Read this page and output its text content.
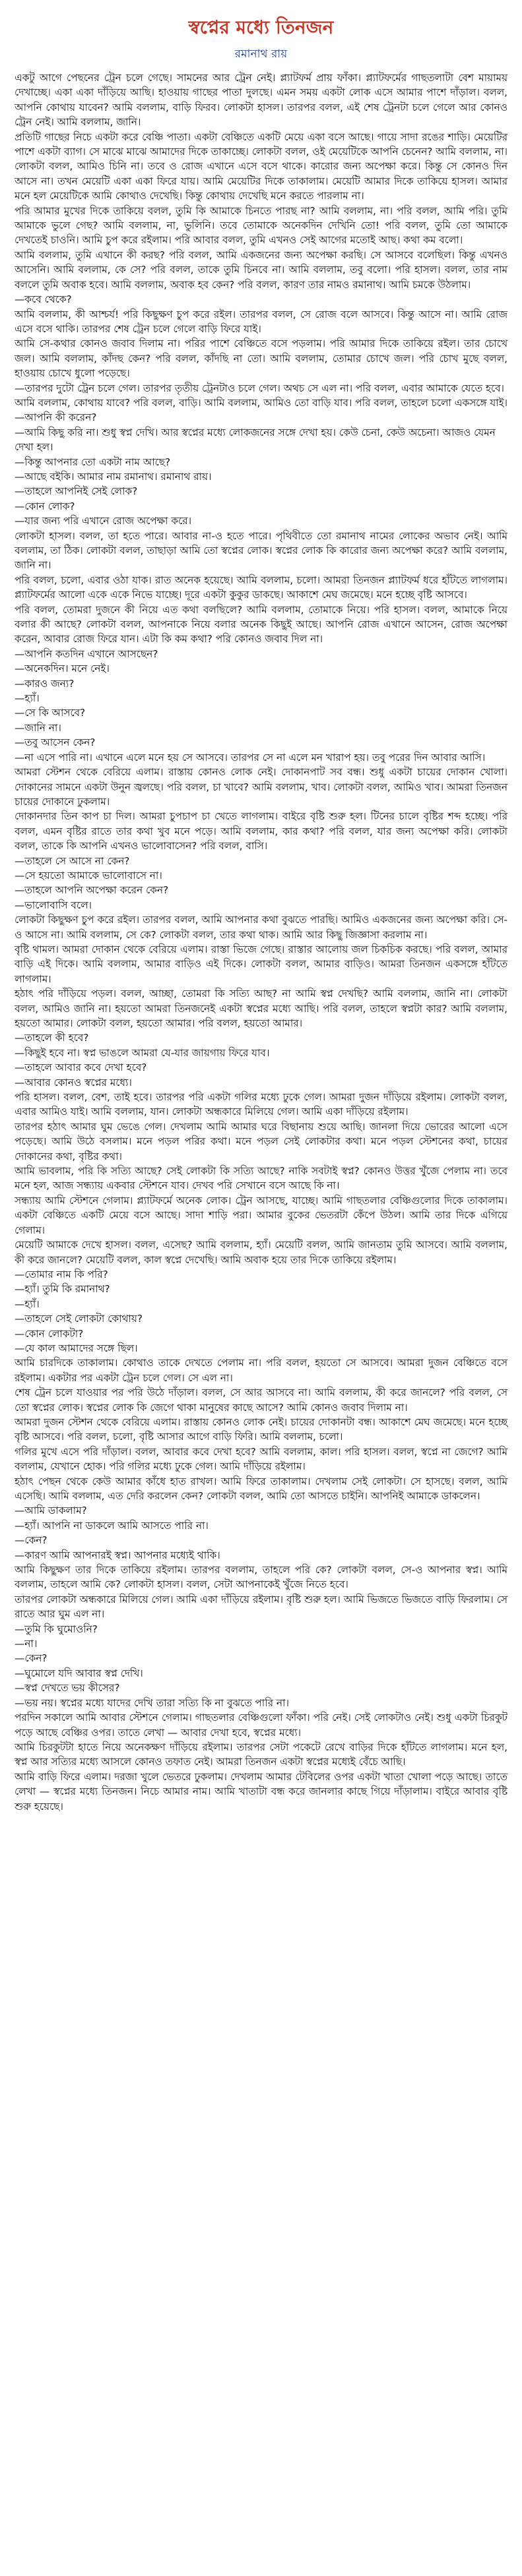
স্বপ্নের মধ্যে তিনজন
রমানাথ রায়

একটু আগে পেছনের ট্রেন চলে গেছে। সামনের আর ট্রেন নেই। প্ল্যাটফর্ম প্রায় ফাঁকা। প্ল্যাটফর্মের গাছতলাটা বেশ মায়াময় দেখাচ্ছে। একা একা দাঁড়িয়ে আছি। হাওয়ায় গাছের পাতা দুলছে। এমন সময় একটা লোক এসে আমার পাশে দাঁড়াল। বলল, আপনি কোথায় যাবেন? আমি বললাম, বাড়ি ফিরব। লোকটা হাসল। তারপর বলল, এই শেষ ট্রেনটা চলে গেলে আর কোনও ট্রেন নেই। আমি বললাম, জানি।

প্রতিটি গাছের নিচে একটা করে বেঞ্চি পাতা। একটা বেঞ্চিতে একটি মেয়ে একা বসে আছে। গায়ে সাদা রঙের শাড়ি। মেয়েটির পাশে একটা ব্যাগ। সে মাঝে মাঝে আমাদের দিকে তাকাচ্ছে। লোকটা বলল, ওই মেয়েটিকে আপনি চেনেন? আমি বললাম, না। লোকটা বলল, আমিও চিনি না। তবে ও রোজ এখানে এসে বসে থাকে। কারোর জন্য অপেক্ষা করে। কিন্তু সে কোনও দিন আসে না। তখন মেয়েটি একা একা ফিরে যায়। আমি মেয়েটির দিকে তাকালাম। মেয়েটি আমার দিকে তাকিয়ে হাসল। আমার মনে হল মেয়েটিকে আমি কোথাও দেখেছি। কিন্তু কোথায় দেখেছি মনে করতে পারলাম না।

পরি আমার মুখের দিকে তাকিয়ে বলল, তুমি কি আমাকে চিনতে পারছ না? আমি বললাম, না। পরি বলল, আমি পরি। তুমি আমাকে ভুলে গেছ? আমি বললাম, না, ভুলিনি। তবে তোমাকে অনেকদিন দেখিনি তো! পরি বলল, তুমি তো আমাকে দেখতেই চাওনি। আমি চুপ করে রইলাম। পরি আবার বলল, তুমি এখনও সেই আগের মতোই আছ। কথা কম বলো।

আমি বললাম, তুমি এখানে কী করছ? পরি বলল, আমি একজনের জন্য অপেক্ষা করছি। সে আসবে বলেছিল। কিন্তু এখনও আসেনি। আমি বললাম, কে সে? পরি বলল, তাকে তুমি চিনবে না। আমি বললাম, তবু বলো। পরি হাসল। বলল, তার নাম বললে তুমি অবাক হবে। আমি বললাম, অবাক হব কেন? পরি বলল, কারণ তার নামও রমানাথ। আমি চমকে উঠলাম।

—কবে থেকে?

আমি বললাম, কী আশ্চর্য! পরি কিছুক্ষণ চুপ করে রইল। তারপর বলল, সে রোজ বলে আসবে। কিন্তু আসে না। আমি রোজ এসে বসে থাকি। তারপর শেষ ট্রেন চলে গেলে বাড়ি ফিরে যাই।

আমি সে-কথার কোনও জবাব দিলাম না। পরির পাশে বেঞ্চিতে বসে পড়লাম। পরি আমার দিকে তাকিয়ে রইল। তার চোখে জল। আমি বললাম, কাঁদছ কেন? পরি বলল, কাঁদছি না তো। আমি বললাম, তোমার চোখে জল। পরি চোখ মুছে বলল, হাওয়ায় চোখে ধুলো পড়েছে।

—তারপর দুটো ট্রেন চলে গেল। তারপর তৃতীয় ট্রেনটাও চলে গেল। অথচ সে এল না। পরি বলল, এবার আমাকে যেতে হবে। আমি বললাম, কোথায় যাবে? পরি বলল, বাড়ি। আমি বললাম, আমিও তো বাড়ি যাব। পরি বলল, তাহলে চলো একসঙ্গে যাই।

—আপনি কী করেন?

—আমি কিছু করি না। শুধু স্বপ্ন দেখি। আর স্বপ্নের মধ্যে লোকজনের সঙ্গে দেখা হয়। কেউ চেনা, কেউ অচেনা। আজও যেমন দেখা হল।

—কিন্তু আপনার তো একটা নাম আছে?

—আছে বইকি। আমার নাম রমানাথ। রমানাথ রায়।

—তাহলে আপনিই সেই লোক?

—কোন লোক?

—যার জন্য পরি এখানে রোজ অপেক্ষা করে।

লোকটা হাসল। বলল, তা হতে পারে। আবার না-ও হতে পারে। পৃথিবীতে তো রমানাথ নামের লোকের অভাব নেই। আমি বললাম, তা ঠিক। লোকটা বলল, তাছাড়া আমি তো স্বপ্নের লোক। স্বপ্নের লোক কি কারোর জন্য অপেক্ষা করে? আমি বললাম, জানি না।

পরি বলল, চলো, এবার ওঠা যাক। রাত অনেক হয়েছে। আমি বললাম, চলো। আমরা তিনজন প্ল্যাটফর্ম ধরে হাঁটতে লাগলাম। প্ল্যাটফর্মের আলো একে একে নিভে যাচ্ছে। দূরে একটা কুকুর ডাকছে। আকাশে মেঘ জমেছে। মনে হচ্ছে বৃষ্টি আসবে।

পরি বলল, তোমরা দুজনে কী নিয়ে এত কথা বলছিলে? আমি বললাম, তোমাকে নিয়ে। পরি হাসল। বলল, আমাকে নিয়ে বলার কী আছে? লোকটা বলল, আপনাকে নিয়ে বলার অনেক কিছুই আছে। আপনি রোজ এখানে আসেন, রোজ অপেক্ষা করেন, আবার রোজ ফিরে যান। এটা কি কম কথা? পরি কোনও জবাব দিল না।

—আপনি কতদিন এখানে আসছেন?

—অনেকদিন। মনে নেই।

—কারও জন্য?

—হ্যাঁ।

—সে কি আসবে?

—জানি না।

—তবু আসেন কেন?

—না এসে পারি না। এখানে এলে মনে হয় সে আসবে। তারপর সে না এলে মন খারাপ হয়। তবু পরের দিন আবার আসি।

আমরা স্টেশন থেকে বেরিয়ে এলাম। রাস্তায় কোনও লোক নেই। দোকানপাট সব বন্ধ। শুধু একটা চায়ের দোকান খোলা। দোকানের সামনে একটা উনুন জ্বলছে। পরি বলল, চা খাবে? আমি বললাম, খাব। লোকটা বলল, আমিও খাব। আমরা তিনজন চায়ের দোকানে ঢুকলাম।

দোকানদার তিন কাপ চা দিল। আমরা চুপচাপ চা খেতে লাগলাম। বাইরে বৃষ্টি শুরু হল। টিনের চালে বৃষ্টির শব্দ হচ্ছে। পরি বলল, এমন বৃষ্টির রাতে তার কথা খুব মনে পড়ে। আমি বললাম, কার কথা? পরি বলল, যার জন্য অপেক্ষা করি। লোকটা বলল, তাকে কি আপনি এখনও ভালোবাসেন? পরি বলল, বাসি।

—তাহলে সে আসে না কেন?

—সে হয়তো আমাকে ভালোবাসে না।

—তাহলে আপনি অপেক্ষা করেন কেন?

—ভালোবাসি বলে।

লোকটা কিছুক্ষণ চুপ করে রইল। তারপর বলল, আমি আপনার কথা বুঝতে পারছি। আমিও একজনের জন্য অপেক্ষা করি। সে-ও আসে না। আমি বললাম, সে কে? লোকটা বলল, তার কথা থাক। আমি আর কিছু জিজ্ঞাসা করলাম না।

বৃষ্টি থামল। আমরা দোকান থেকে বেরিয়ে এলাম। রাস্তা ভিজে গেছে। রাস্তার আলোয় জল চিকচিক করছে। পরি বলল, আমার বাড়ি এই দিকে। আমি বললাম, আমার বাড়িও এই দিকে। লোকটা বলল, আমার বাড়িও। আমরা তিনজন একসঙ্গে হাঁটতে লাগলাম।

হঠাৎ পরি দাঁড়িয়ে পড়ল। বলল, আচ্ছা, তোমরা কি সত্যি আছ? না আমি স্বপ্ন দেখছি? আমি বললাম, জানি না। লোকটা বলল, আমিও জানি না। হয়তো আমরা তিনজনেই একটা স্বপ্নের মধ্যে আছি। পরি বলল, তাহলে স্বপ্নটা কার? আমি বললাম, হয়তো আমার। লোকটা বলল, হয়তো আমার। পরি বলল, হয়তো আমার।

—তাহলে কী হবে?

—কিছুই হবে না। স্বপ্ন ভাঙলে আমরা যে-যার জায়গায় ফিরে যাব।

—তাহলে আবার কবে দেখা হবে?

—আবার কোনও স্বপ্নের মধ্যে।

পরি হাসল। বলল, বেশ, তাই হবে। তারপর পরি একটা গলির মধ্যে ঢুকে গেল। আমরা দুজন দাঁড়িয়ে রইলাম। লোকটা বলল, এবার আমিও যাই। আমি বললাম, যান। লোকটা অন্ধকারে মিলিয়ে গেল। আমি একা দাঁড়িয়ে রইলাম।

তারপর হঠাৎ আমার ঘুম ভেঙে গেল। দেখলাম আমি আমার ঘরে বিছানায় শুয়ে আছি। জানলা দিয়ে ভোরের আলো এসে পড়েছে। আমি উঠে বসলাম। মনে পড়ল পরির কথা। মনে পড়ল সেই লোকটার কথা। মনে পড়ল স্টেশনের কথা, চায়ের দোকানের কথা, বৃষ্টির কথা।

আমি ভাবলাম, পরি কি সত্যি আছে? সেই লোকটা কি সত্যি আছে? নাকি সবটাই স্বপ্ন? কোনও উত্তর খুঁজে পেলাম না। তবে মনে হল, আজ সন্ধ্যায় একবার স্টেশনে যাব। দেখব পরি সেখানে বসে আছে কি না।

সন্ধ্যায় আমি স্টেশনে গেলাম। প্ল্যাটফর্মে অনেক লোক। ট্রেন আসছে, যাচ্ছে। আমি গাছতলার বেঞ্চিগুলোর দিকে তাকালাম। একটা বেঞ্চিতে একটি মেয়ে বসে আছে। সাদা শাড়ি পরা। আমার বুকের ভেতরটা কেঁপে উঠল। আমি তার দিকে এগিয়ে গেলাম।

মেয়েটি আমাকে দেখে হাসল। বলল, এসেছ? আমি বললাম, হ্যাঁ। মেয়েটি বলল, আমি জানতাম তুমি আসবে। আমি বললাম, কী করে জানলে? মেয়েটি বলল, কাল স্বপ্নে দেখেছি। আমি অবাক হয়ে তার দিকে তাকিয়ে রইলাম।

—তোমার নাম কি পরি?

—হ্যাঁ। তুমি কি রমানাথ?

—হ্যাঁ।

—তাহলে সেই লোকটা কোথায়?

—কোন লোকটা?

—যে কাল আমাদের সঙ্গে ছিল।

আমি চারদিকে তাকালাম। কোথাও তাকে দেখতে পেলাম না। পরি বলল, হয়তো সে আসবে। আমরা দুজন বেঞ্চিতে বসে রইলাম। একটার পর একটা ট্রেন চলে গেল। সে এল না।

শেষ ট্রেন চলে যাওয়ার পর পরি উঠে দাঁড়াল। বলল, সে আর আসবে না। আমি বললাম, কী করে জানলে? পরি বলল, সে তো স্বপ্নের লোক। স্বপ্নের লোক কি জেগে থাকা মানুষের কাছে আসে? আমি কোনও জবাব দিলাম না।

আমরা দুজন স্টেশন থেকে বেরিয়ে এলাম। রাস্তায় কোনও লোক নেই। চায়ের দোকানটা বন্ধ। আকাশে মেঘ জমেছে। মনে হচ্ছে বৃষ্টি আসবে। পরি বলল, চলো, বৃষ্টি আসার আগে বাড়ি ফিরি। আমি বললাম, চলো।

গলির মুখে এসে পরি দাঁড়াল। বলল, আবার কবে দেখা হবে? আমি বললাম, কাল। পরি হাসল। বলল, স্বপ্নে না জেগে? আমি বললাম, যেখানে হোক। পরি গলির মধ্যে ঢুকে গেল। আমি দাঁড়িয়ে রইলাম।

হঠাৎ পেছন থেকে কেউ আমার কাঁধে হাত রাখল। আমি ফিরে তাকালাম। দেখলাম সেই লোকটা। সে হাসছে। বলল, আমি এসেছি। আমি বললাম, এত দেরি করলেন কেন? লোকটা বলল, আমি তো আসতে চাইনি। আপনিই আমাকে ডাকলেন।

—আমি ডাকলাম?

—হ্যাঁ। আপনি না ডাকলে আমি আসতে পারি না।

—কেন?

—কারণ আমি আপনারই স্বপ্ন। আপনার মধ্যেই থাকি।

আমি কিছুক্ষণ তার দিকে তাকিয়ে রইলাম। তারপর বললাম, তাহলে পরি কে? লোকটা বলল, সে-ও আপনার স্বপ্ন। আমি বললাম, তাহলে আমি কে? লোকটা হাসল। বলল, সেটা আপনাকেই খুঁজে নিতে হবে।

তারপর লোকটা অন্ধকারে মিলিয়ে গেল। আমি একা দাঁড়িয়ে রইলাম। বৃষ্টি শুরু হল। আমি ভিজতে ভিজতে বাড়ি ফিরলাম। সে রাতে আর ঘুম এল না।

—তুমি কি ঘুমোওনি?

—না।

—কেন?

—ঘুমোলে যদি আবার স্বপ্ন দেখি।

—স্বপ্ন দেখতে ভয় কীসের?

—ভয় নয়। স্বপ্নের মধ্যে যাদের দেখি তারা সত্যি কি না বুঝতে পারি না।

পরদিন সকালে আমি আবার স্টেশনে গেলাম। গাছতলার বেঞ্চিগুলো ফাঁকা। পরি নেই। সেই লোকটাও নেই। শুধু একটা চিরকুট পড়ে আছে বেঞ্চির ওপর। তাতে লেখা — আবার দেখা হবে, স্বপ্নের মধ্যে।

আমি চিরকুটটা হাতে নিয়ে অনেকক্ষণ দাঁড়িয়ে রইলাম। তারপর সেটা পকেটে রেখে বাড়ির দিকে হাঁটতে লাগলাম। মনে হল, স্বপ্ন আর সত্যির মধ্যে আসলে কোনও তফাত নেই। আমরা তিনজন একটা স্বপ্নের মধ্যেই বেঁচে আছি।

আমি বাড়ি ফিরে এলাম। দরজা খুলে ভেতরে ঢুকলাম। দেখলাম আমার টেবিলের ওপর একটা খাতা খোলা পড়ে আছে। তাতে লেখা — স্বপ্নের মধ্যে তিনজন। নিচে আমার নাম। আমি খাতাটা বন্ধ করে জানলার কাছে গিয়ে দাঁড়ালাম। বাইরে আবার বৃষ্টি শুরু হয়েছে।
